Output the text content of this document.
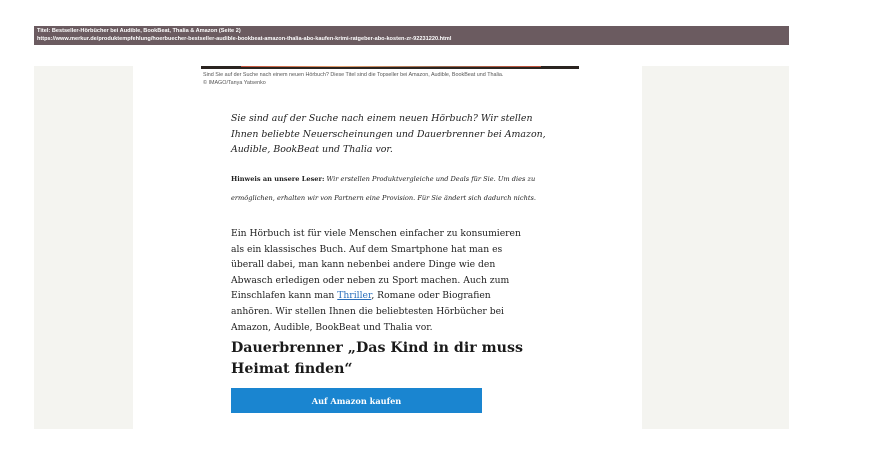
Titel: Bestseller-Hörbücher bei Audible, BookBeat, Thalia & Amazon (Seite 2)
https://www.merkur.de/produktempfehlung/hoerbuecher-bestseller-audible-bookbeat-amazon-thalia-abo-kaufen-krimi-ratgeber-abo-kosten-zr-92231220.html
Sind Sie auf der Suche nach einem neuen Hörbuch? Diese Titel sind die Topseller bei Amazon, Audible, BookBeat und Thalia.
© IMAGO/Tanya Yatsenko

Sie sind auf der Suche nach einem neuen Hörbuch? Wir stellen Ihnen beliebte Neuerscheinungen und Dauerbrenner bei Amazon, Audible, BookBeat und Thalia vor.

Hinweis an unsere Leser: Wir erstellen Produktvergleiche und Deals für Sie. Um dies zu ermöglichen, erhalten wir von Partnern eine Provision. Für Sie ändert sich dadurch nichts.

Ein Hörbuch ist für viele Menschen einfacher zu konsumieren als ein klassisches Buch. Auf dem Smartphone hat man es überall dabei, man kann nebenbei andere Dinge wie den Abwasch erledigen oder neben zu Sport machen. Auch zum Einschlafen kann man Thriller, Romane oder Biografien anhören. Wir stellen Ihnen die beliebtesten Hörbücher bei Amazon, Audible, BookBeat und Thalia vor.

Dauerbrenner „Das Kind in dir muss Heimat finden“
Auf Amazon kaufen
